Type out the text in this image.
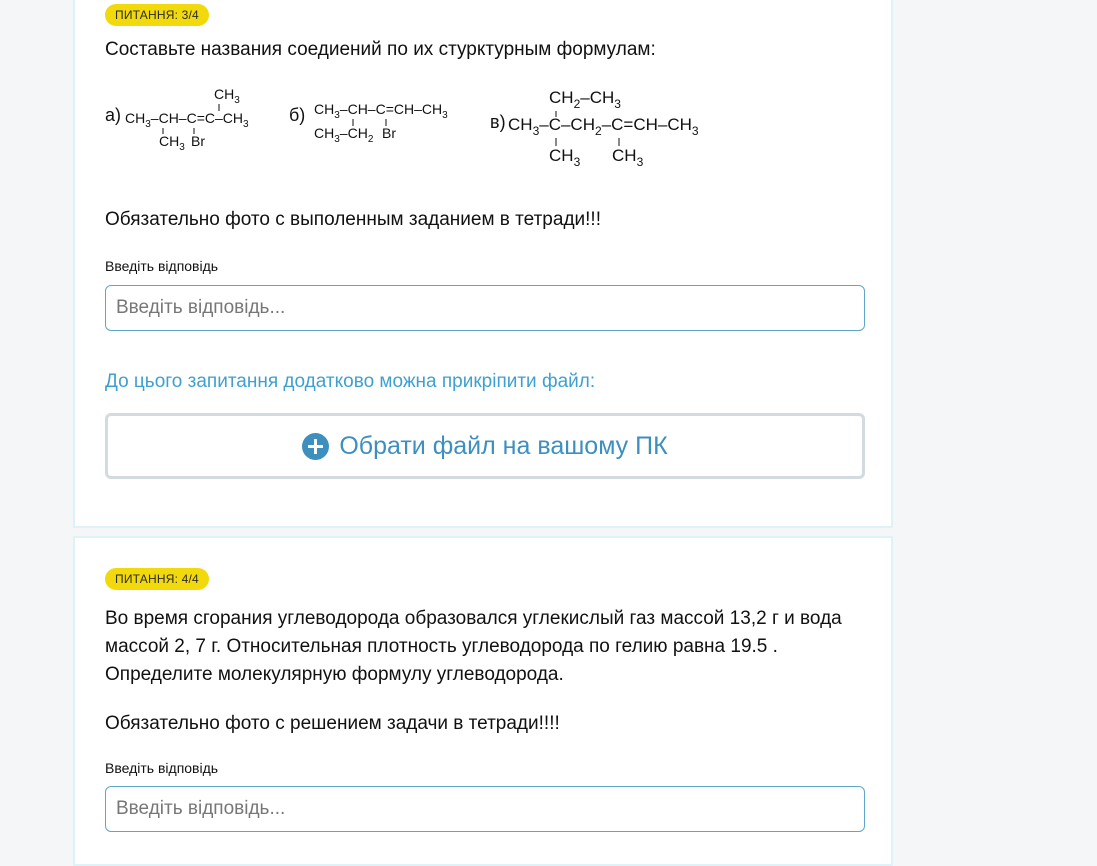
ПИТАННЯ: 3/4

Составьте названия соедиений по их стурктурным формулам:

а) $CH_3-CH-C=C-CH_3$
$CH_3$
$CH_3$ Br
б) $CH_3-CH-C=CH-CH_3$
$CH_3-CH_2$ Br
в)
$CH_2-CH_3$
$CH_3-C-CH_2-C=CH-CH_3$
$CH_3$ $CH_3$

Обязательно фото с выполенным заданием в тетради!!!

Введіть відповідь
Введіть відповідь...
До цього запитання додатково можна прикріпити файл:
Обрати файл на вашому ПК
ПИТАННЯ: 4/4

Во время сгорания углеводорода образовался углекислый газ массой 13,2 г и вода массой 2, 7 г. Относительная плотность углеводорода по гелию равна 19.5 . Определите молекулярную формулу углеводорода.

Обязательно фото с решением задачи в тетради!!!!

Введіть відповідь
Введіть відповідь...
